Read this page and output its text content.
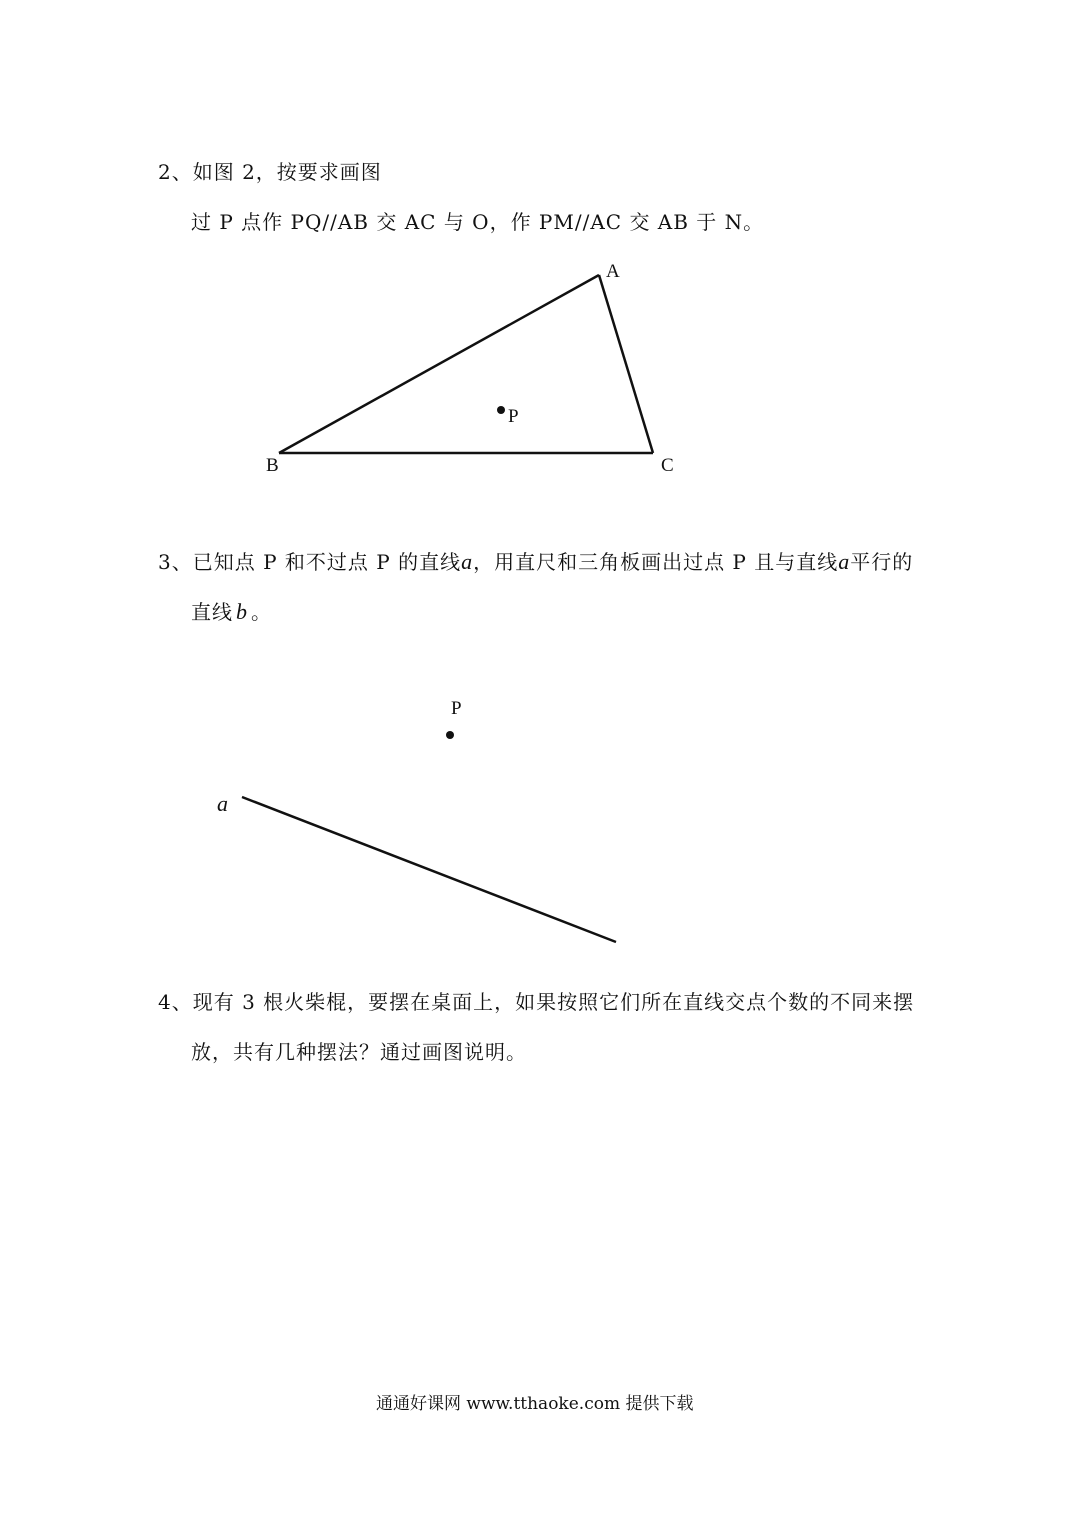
2、如图 2，按要求画图
过 P 点作 PQ//AB 交 AC 与 O，作 PM//AC 交 AB 于 N。
A
B	C
P
3、已知点 P 和不过点 P 的直线a，用直尺和三角板画出过点 P 且与直线a平行的
直线 b 。
P
a
4、现有 3 根火柴棍，要摆在桌面上，如果按照它们所在直线交点个数的不同来摆
放，共有几种摆法？通过画图说明。
通通好课网 www.tthaoke.com 提供下载
